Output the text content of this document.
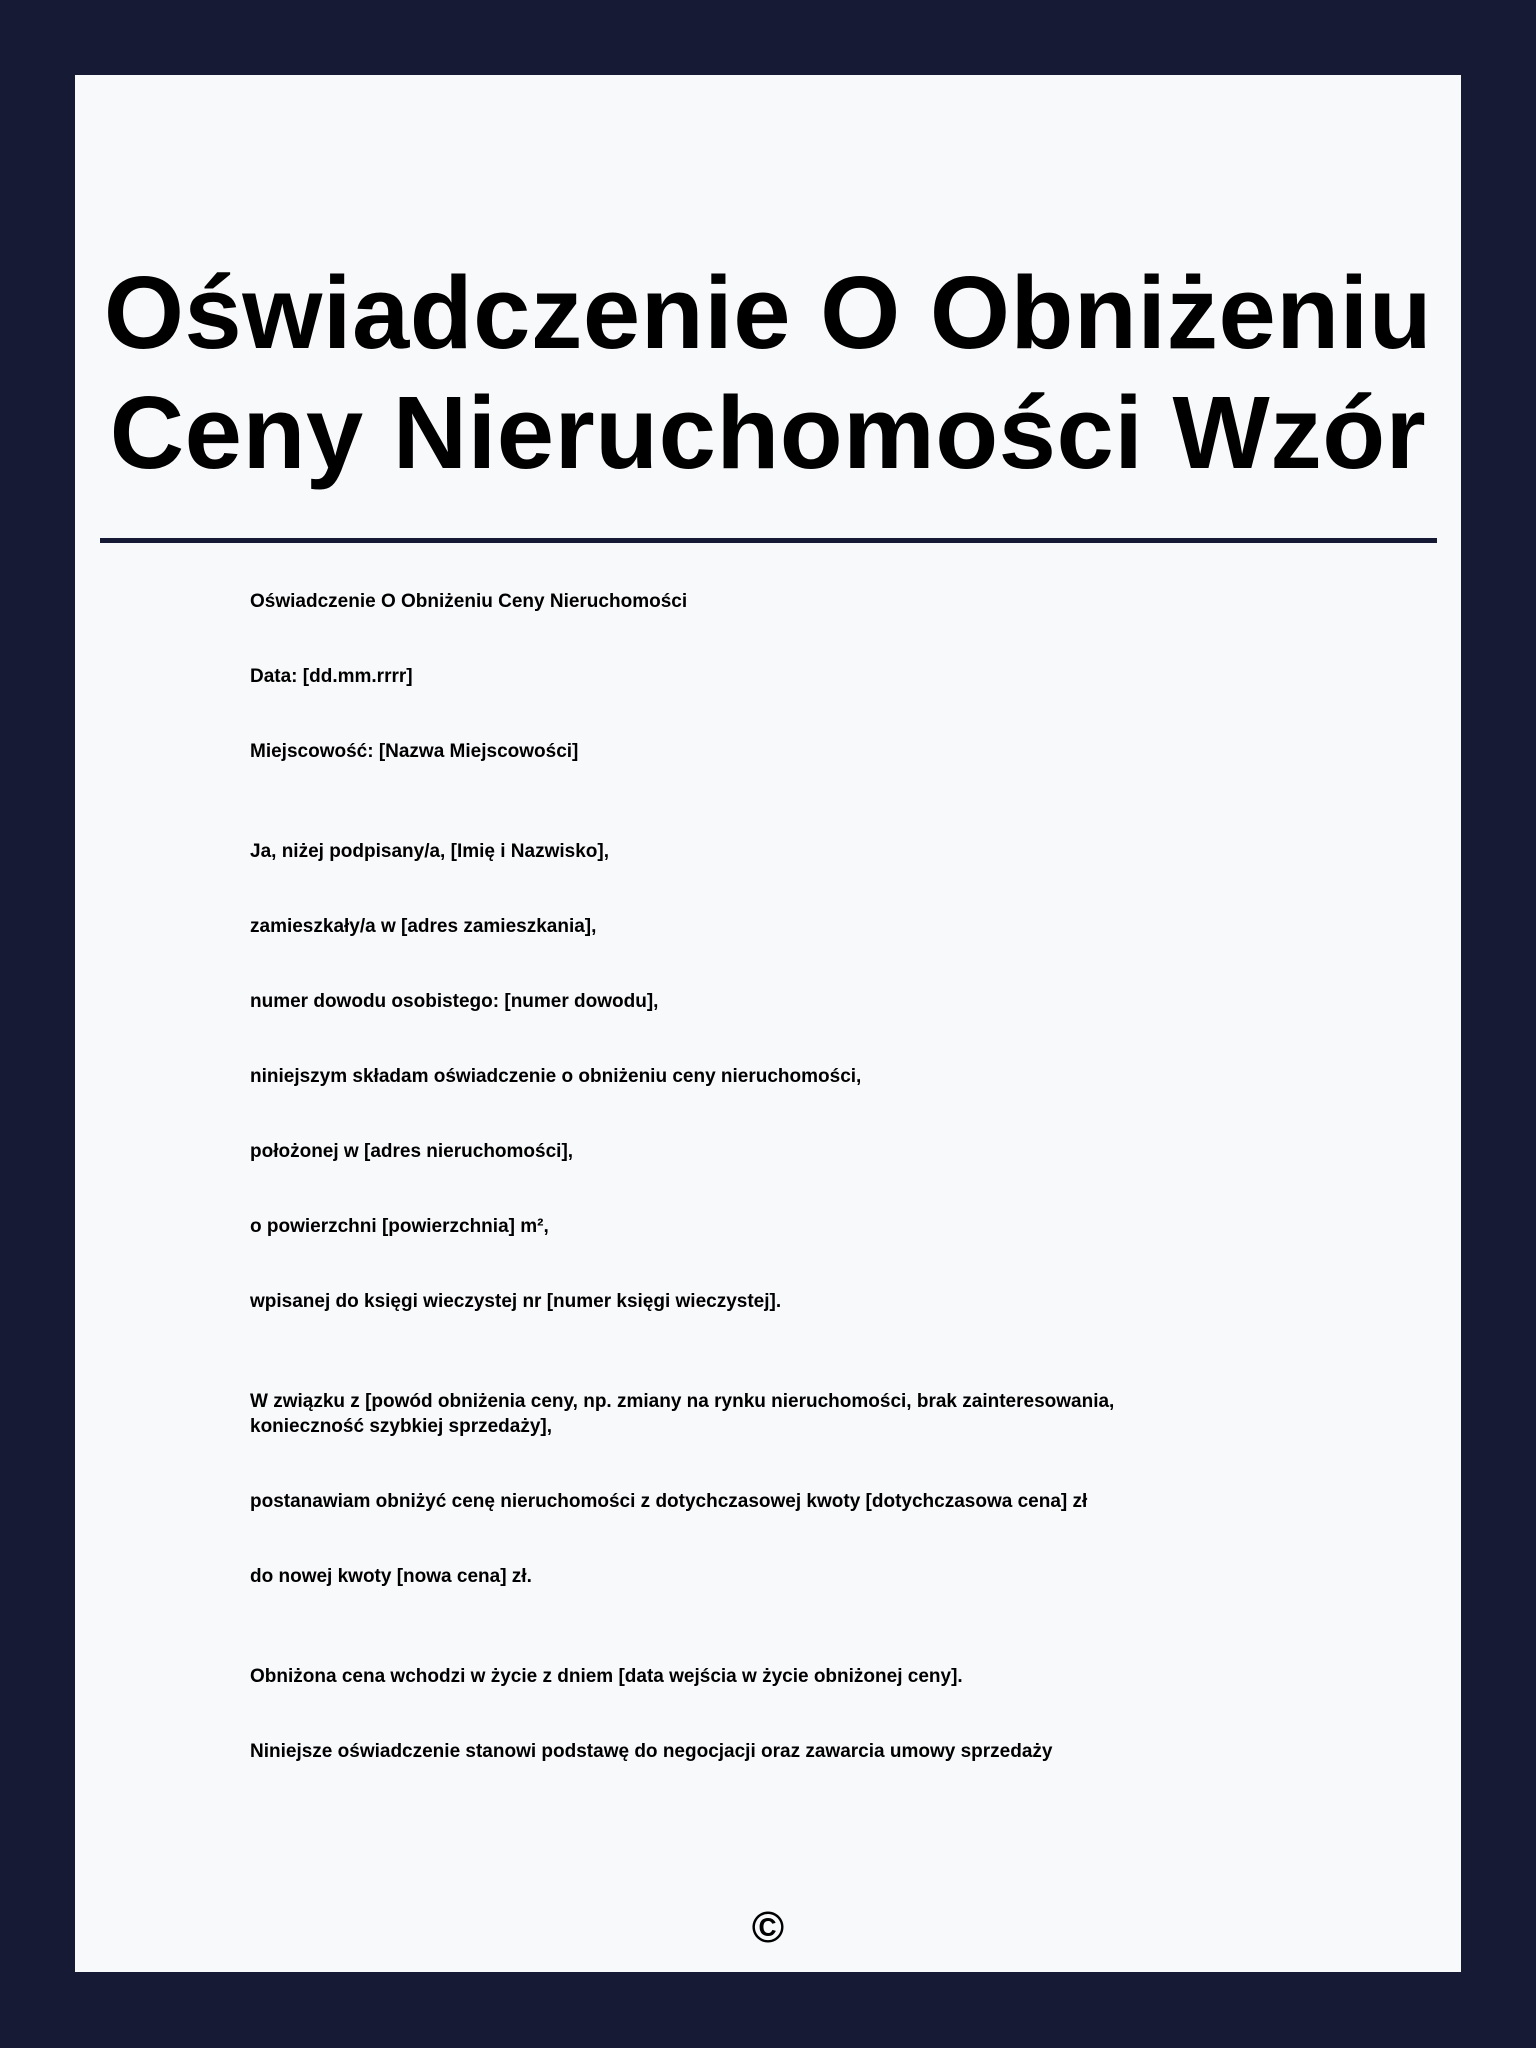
Oświadczenie O Obniżeniu Ceny Nieruchomości Wzór

Oświadczenie O Obniżeniu Ceny Nieruchomości

Data: [dd.mm.rrrr]

Miejscowość: [Nazwa Miejscowości]

Ja, niżej podpisany/a, [Imię i Nazwisko],

zamieszkały/a w [adres zamieszkania],

numer dowodu osobistego: [numer dowodu],

niniejszym składam oświadczenie o obniżeniu ceny nieruchomości,

położonej w [adres nieruchomości],

o powierzchni [powierzchnia] m²,

wpisanej do księgi wieczystej nr [numer księgi wieczystej].

W związku z [powód obniżenia ceny, np. zmiany na rynku nieruchomości, brak zainteresowania, konieczność szybkiej sprzedaży],

postanawiam obniżyć cenę nieruchomości z dotychczasowej kwoty [dotychczasowa cena] zł

do nowej kwoty [nowa cena] zł.

Obniżona cena wchodzi w życie z dniem [data wejścia w życie obniżonej ceny].

Niniejsze oświadczenie stanowi podstawę do negocjacji oraz zawarcia umowy sprzedaży

©
